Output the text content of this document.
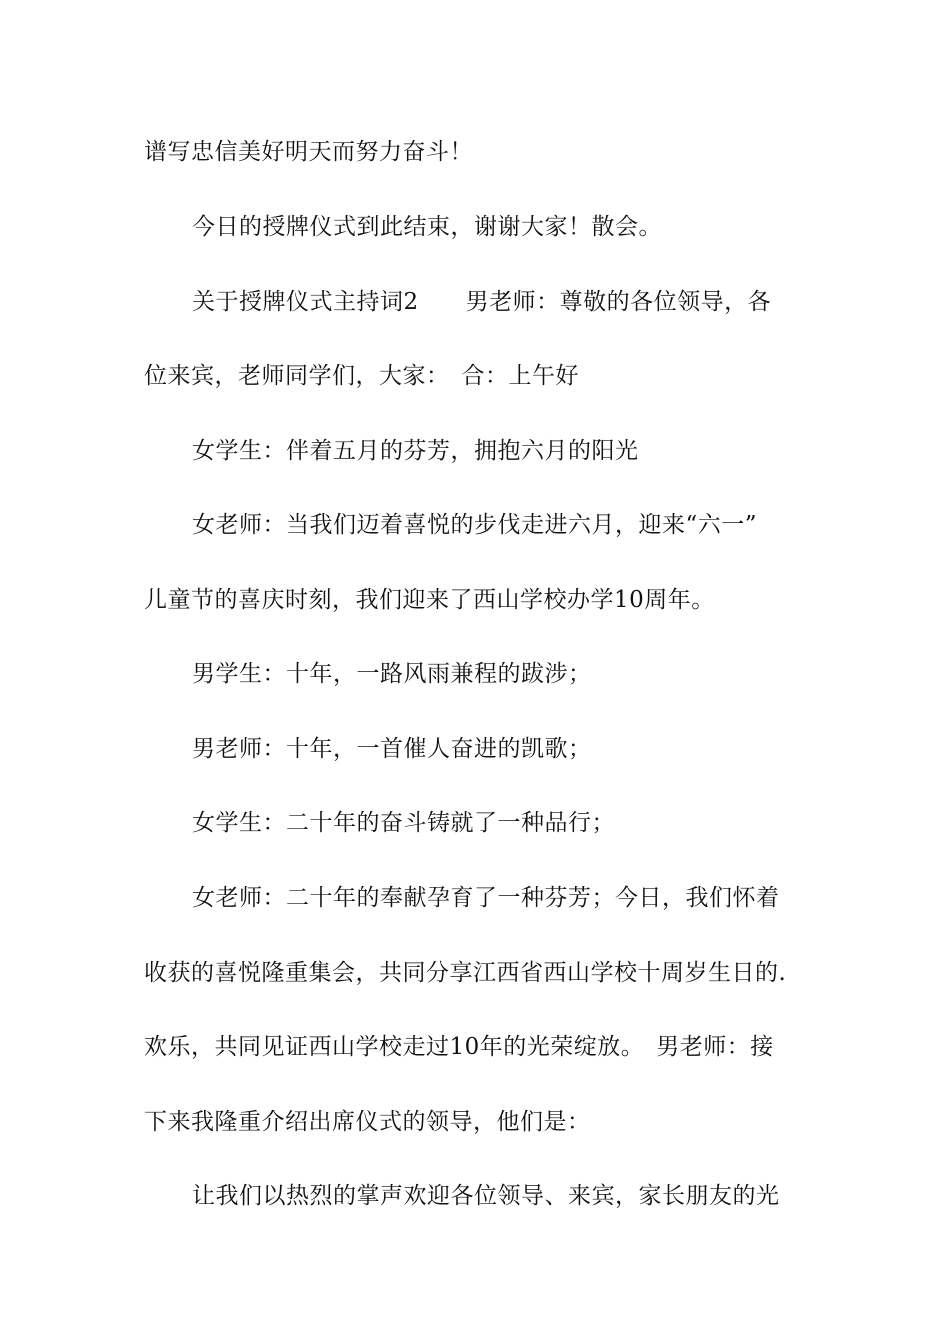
谱写忠信美好明天而努力奋斗！
今日的授牌仪式到此结束，谢谢大家！散会。
关于授牌仪式主持词2　　男老师：尊敬的各位领导，各
位来宾，老师同学们，大家：　合：上午好
女学生：伴着五月的芬芳，拥抱六月的阳光
女老师：当我们迈着喜悦的步伐走进六月，迎来“六一”
儿童节的喜庆时刻，我们迎来了西山学校办学10周年。
男学生：十年，一路风雨兼程的跋涉；
男老师：十年，一首催人奋进的凯歌；
女学生：二十年的奋斗铸就了一种品行；
女老师：二十年的奉献孕育了一种芬芳；今日，我们怀着
收获的喜悦隆重集会，共同分享江西省西山学校十周岁生日的.
欢乐，共同见证西山学校走过10年的光荣绽放。　男老师：接
下来我隆重介绍出席仪式的领导，他们是：
让我们以热烈的掌声欢迎各位领导、来宾，家长朋友的光
